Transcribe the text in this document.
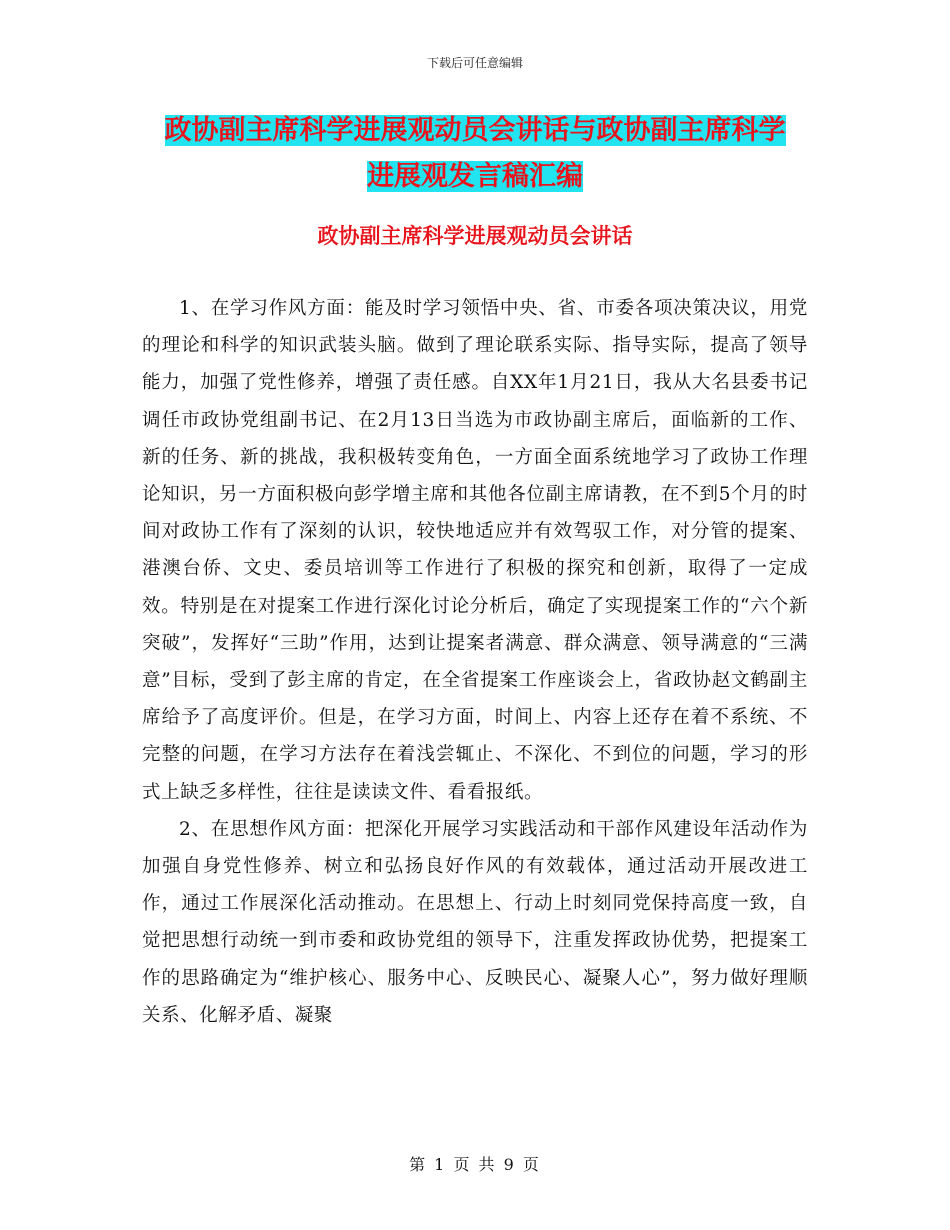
下载后可任意编辑
政协副主席科学进展观动员会讲话与政协副主席科学
进展观发言稿汇编
政协副主席科学进展观动员会讲话

1、在学习作风方面：能及时学习领悟中央、省、市委各项决策决议，用党的理论和科学的知识武装头脑。做到了理论联系实际、指导实际，提高了领导能力，加强了党性修养，增强了责任感。自XX年1月21日，我从大名县委书记调任市政协党组副书记、在2月13日当选为市政协副主席后，面临新的工作、新的任务、新的挑战，我积极转变角色，一方面全面系统地学习了政协工作理论知识，另一方面积极向彭学增主席和其他各位副主席请教，在不到5个月的时间对政协工作有了深刻的认识，较快地适应并有效驾驭工作，对分管的提案、港澳台侨、文史、委员培训等工作进行了积极的探究和创新，取得了一定成效。特别是在对提案工作进行深化讨论分析后，确定了实现提案工作的“六个新突破”，发挥好“三助”作用，达到让提案者满意、群众满意、领导满意的“三满意”目标，受到了彭主席的肯定，在全省提案工作座谈会上，省政协赵文鹤副主席给予了高度评价。但是，在学习方面，时间上、内容上还存在着不系统、不完整的问题，在学习方法存在着浅尝辄止、不深化、不到位的问题，学习的形式上缺乏多样性，往往是读读文件、看看报纸。

2、在思想作风方面：把深化开展学习实践活动和干部作风建设年活动作为加强自身党性修养、树立和弘扬良好作风的有效载体，通过活动开展改进工作，通过工作展深化活动推动。在思想上、行动上时刻同党保持高度一致，自觉把思想行动统一到市委和政协党组的领导下，注重发挥政协优势，把提案工作的思路确定为“维护核心、服务中心、反映民心、凝聚人心”，努力做好理顺关系、化解矛盾、凝聚

第 1 页 共 9 页
